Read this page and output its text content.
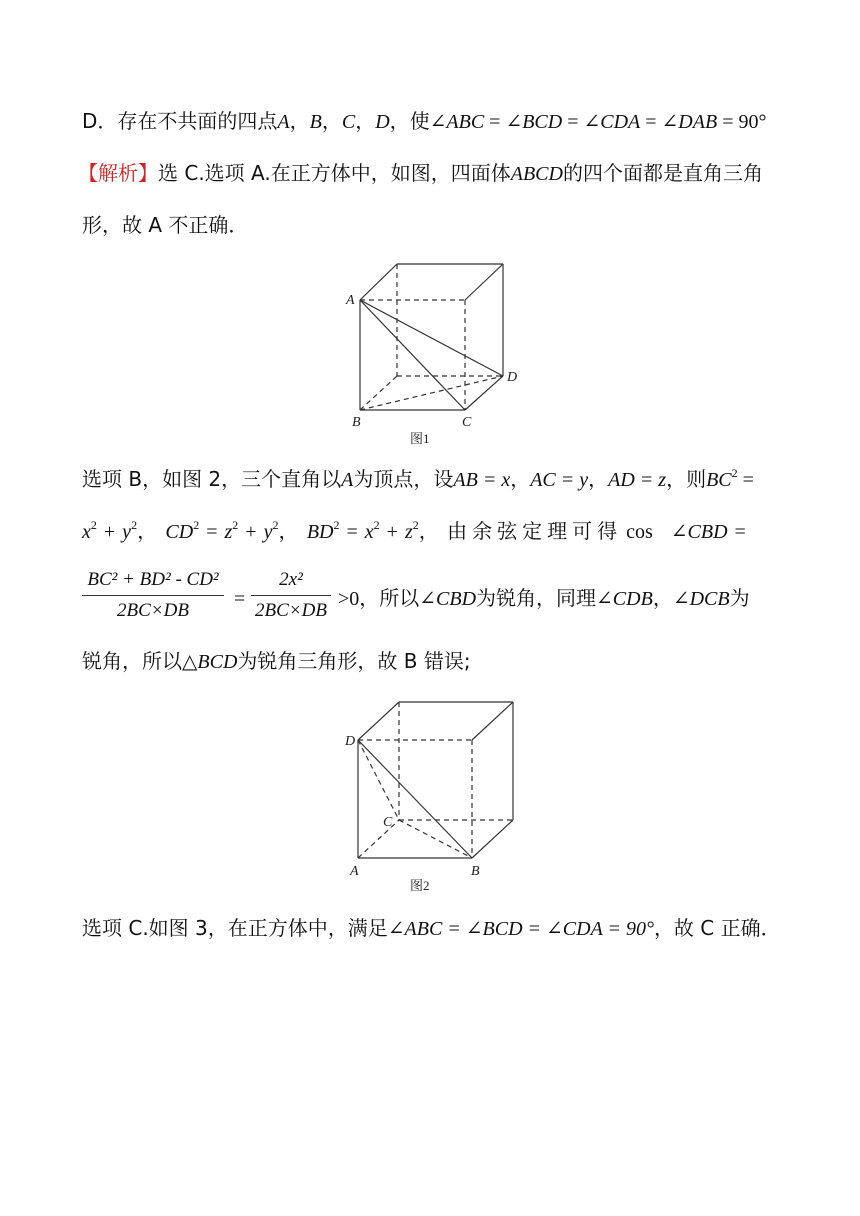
D．存在不共面的四点A，B，C，D，使∠ABC = ∠BCD = ∠CDA = ∠DAB = 90°
【解析】选 C.选项 A.在正方体中，如图，四面体ABCD的四个面都是直角三角
形，故 A 不正确．
A
B	C
D
图1
选项 B，如图 2，三个直角以A为顶点，设AB = x，AC = y，AD = z，则$BC^2$ =
$x^2 + y^2$， $CD^2 = z^2 + y^2$， $BD^2 = x^2 + z^2$， 由余弦定理可得 cos ∠CBD =
BC² + BD² - CD²
2BC×DB
=
2x²
2BC×DB
>0，所以∠CBD为锐角，同理∠CDB，∠DCB为
锐角，所以△BCD为锐角三角形，故 B 错误;
D
A	B
C
图2
选项 C.如图 3，在正方体中，满足∠ABC = ∠BCD = ∠CDA = 90°，故 C 正确．
